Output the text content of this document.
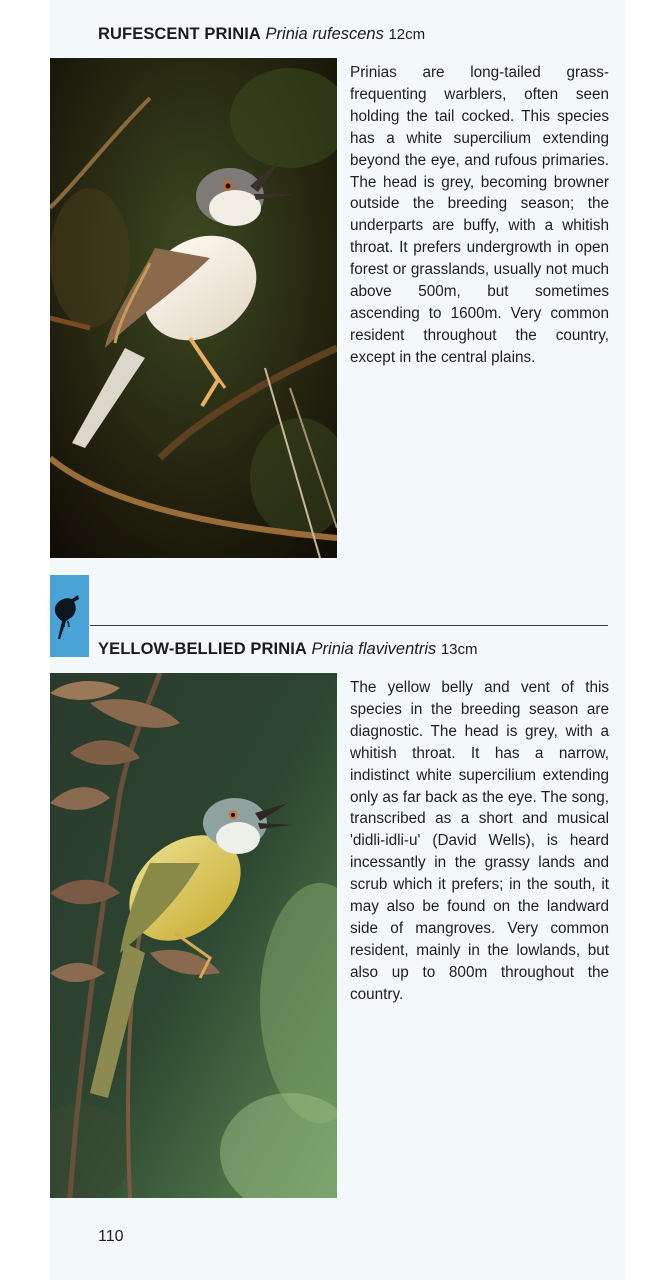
RUFESCENT PRINIA Prinia rufescens 12cm

Prinias are long-tailed grass-frequenting warblers, often seen holding the tail cocked. This species has a white supercilium extending beyond the eye, and rufous primaries. The head is grey, becoming browner outside the breeding season; the underparts are buffy, with a whitish throat. It prefers undergrowth in open forest or grasslands, usually not much above 500m, but sometimes ascending to 1600m. Very common resident throughout the country, except in the central plains.

YELLOW-BELLIED PRINIA Prinia flaviventris 13cm

The yellow belly and vent of this species in the breeding season are diagnostic. The head is grey, with a whitish throat. It has a narrow, indistinct white supercilium extending only as far back as the eye. The song, transcribed as a short and musical 'didli-idli-u' (David Wells), is heard incessantly in the grassy lands and scrub which it prefers; in the south, it may also be found on the landward side of mangroves. Very common resident, mainly in the lowlands, but also up to 800m throughout the country.

110
